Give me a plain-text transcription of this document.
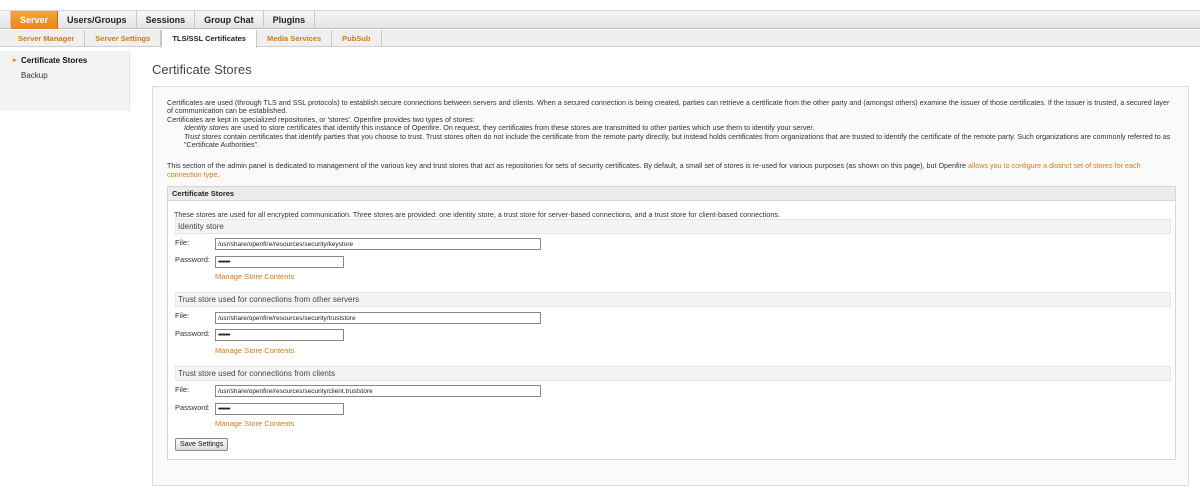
Server	Users/Groups	Sessions	Group Chat	Plugins
Server Manager	Server Settings	TLS/SSL Certificates	Media Services	PubSub
▸ Certificate Stores
Backup	Certificate Stores

Certificates are used (through TLS and SSL protocols) to establish secure connections between servers and clients. When a secured connection is being created, parties can retrieve a certificate from the other party and (amongst others) examine the issuer of those certificates. If the issuer is trusted, a secured layer of communication can be established.

Certificates are kept in specialized repositories, or 'stores'. Openfire provides two types of stores:

Identity stores are used to store certificates that identify this instance of Openfire. On request, they certificates from these stores are transmitted to other parties which use them to identify your server.

Trust stores contain certificates that identify parties that you choose to trust. Trust stores often do not include the certificate from the remote party directly, but instead holds certificates from organizations that are trusted to identify the certificate of the remote party. Such organizations are commonly referred to as "Certificate Authorities".

This section of the admin panel is dedicated to management of the various key and trust stores that act as repositories for sets of security certificates. By default, a small set of stores is re-used for various purposes (as shown on this page), but Openfire allows you to configure a distinct set of stores for each connection type.
Certificate Stores
These stores are used for all encrypted communication. Three stores are provided: one identity store, a trust store for server-based connections, and a trust store for client-based connections.
Identity store
File:
/usr/share/openfire/resources/security/keystore
Password:
••••••••
Manage Store Contents
Trust store used for connections from other servers
File:
/usr/share/openfire/resources/security/truststore
Password:
••••••••
Manage Store Contents
Trust store used for connections from clients
File:
/usr/share/openfire/resources/security/client.truststore
Password:
••••••••
Manage Store Contents
Save Settings
